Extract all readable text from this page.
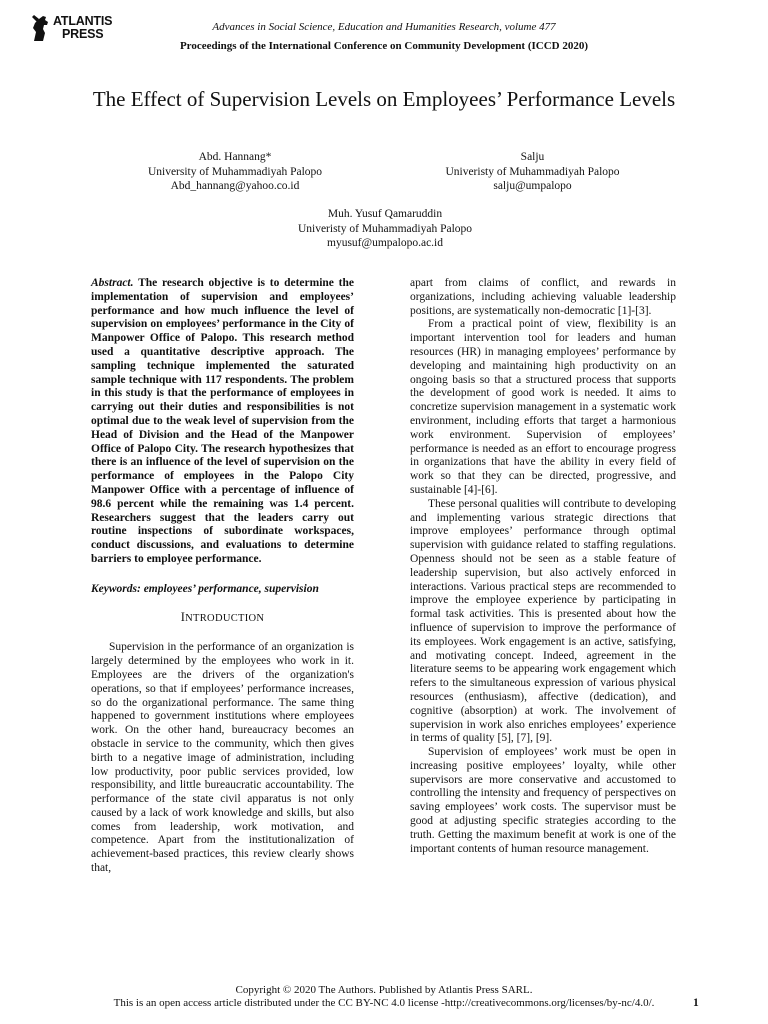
ATLANTIS
PRESS	Advances in Social Science, Education and Humanities Research, volume 477
Proceedings of the International Conference on Community Development (ICCD 2020)
The Effect of Supervision Levels on Employees’ Performance Levels
Abd. Hannang*
University of Muhammadiyah Palopo
Abd_hannang@yahoo.co.id
Salju
Univeristy of Muhammadiyah Palopo
salju@umpalopo
Muh. Yusuf Qamaruddin
Univeristy of Muhammadiyah Palopo
myusuf@umpalopo.ac.id

Abstract. The research objective is to determine the implementation of supervision and employees’ performance and how much influence the level of supervision on employees’ performance in the City of Manpower Office of Palopo. This research method used a quantitative descriptive approach. The sampling technique implemented the saturated sample technique with 117 respondents. The problem in this study is that the performance of employees in carrying out their duties and responsibilities is not optimal due to the weak level of supervision from the Head of Division and the Head of the Manpower Office of Palopo City. The research hypothesizes that there is an influence of the level of supervision on the performance of employees in the Palopo City Manpower Office with a percentage of influence of 98.6 percent while the remaining was 1.4 percent. Researchers suggest that the leaders carry out routine inspections of subordinate workspaces, conduct discussions, and evaluations to determine barriers to employee performance.

Keywords: employees’ performance, supervision

INTRODUCTION

Supervision in the performance of an organization is largely determined by the employees who work in it. Employees are the drivers of the organization's operations, so that if employees’ performance increases, so do the organizational performance. The same thing happened to government institutions where employees work. On the other hand, bureaucracy becomes an obstacle in service to the community, which then gives birth to a negative image of administration, including low productivity, poor public services provided, low responsibility, and little bureaucratic accountability. The performance of the state civil apparatus is not only caused by a lack of work knowledge and skills, but also comes from leadership, work motivation, and competence. Apart from the institutionalization of achievement-based practices, this review clearly shows that,

apart from claims of conflict, and rewards in organizations, including achieving valuable leadership positions, are systematically non-democratic [1]-[3].

From a practical point of view, flexibility is an important intervention tool for leaders and human resources (HR) in managing employees’ performance by developing and maintaining high productivity on an ongoing basis so that a structured process that supports the development of good work is needed. It aims to concretize supervision management in a systematic work environment, including efforts that target a harmonious work environment. Supervision of employees’ performance is needed as an effort to encourage progress in organizations that have the ability in every field of work so that they can be directed, progressive, and sustainable [4]-[6].

These personal qualities will contribute to developing and implementing various strategic directions that improve employees’ performance through optimal supervision with guidance related to staffing regulations. Openness should not be seen as a stable feature of leadership supervision, but also actively enforced in interactions. Various practical steps are recommended to improve the employee experience by participating in formal task activities. This is presented about how the influence of supervision to improve the performance of its employees. Work engagement is an active, satisfying, and motivating concept. Indeed, agreement in the literature seems to be appearing work engagement which refers to the simultaneous expression of various physical resources (enthusiasm), affective (dedication), and cognitive (absorption) at work. The involvement of supervision in work also enriches employees’ experience in terms of quality [5], [7], [9].

Supervision of employees’ work must be open in increasing positive employees’ loyalty, while other supervisors are more conservative and accustomed to controlling the intensity and frequency of perspectives on saving employees’ work costs. The supervisor must be good at adjusting specific strategies according to the truth. Getting the maximum benefit at work is one of the important contents of human resource management.

Copyright © 2020 The Authors. Published by Atlantis Press SARL.
This is an open access article distributed under the CC BY-NC 4.0 license -http://creativecommons.org/licenses/by-nc/4.0/.	1
